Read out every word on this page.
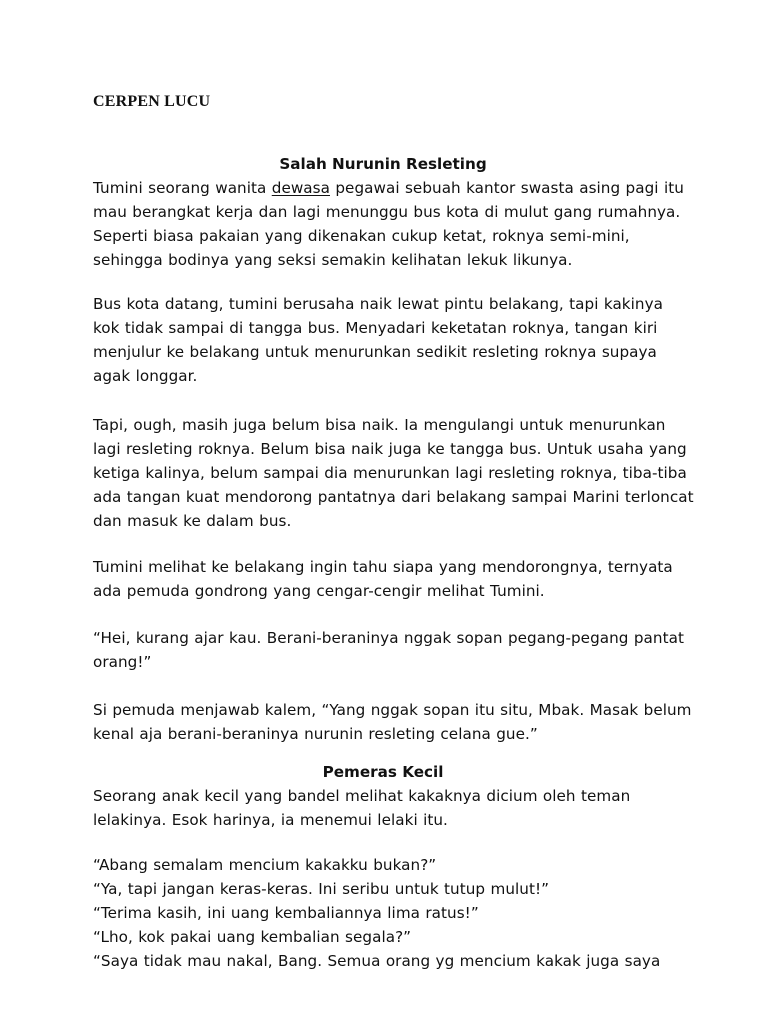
CERPEN LUCU
Salah Nurunin Resleting

Tumini seorang wanita dewasa pegawai sebuah kantor swasta asing pagi itu
mau berangkat kerja dan lagi menunggu bus kota di mulut gang rumahnya.
Seperti biasa pakaian yang dikenakan cukup ketat, roknya semi-mini,
sehingga bodinya yang seksi semakin kelihatan lekuk likunya.

Bus kota datang, tumini berusaha naik lewat pintu belakang, tapi kakinya
kok tidak sampai di tangga bus. Menyadari keketatan roknya, tangan kiri
menjulur ke belakang untuk menurunkan sedikit resleting roknya supaya
agak longgar.

Tapi, ough, masih juga belum bisa naik. Ia mengulangi untuk menurunkan
lagi resleting roknya. Belum bisa naik juga ke tangga bus. Untuk usaha yang
ketiga kalinya, belum sampai dia menurunkan lagi resleting roknya, tiba-tiba
ada tangan kuat mendorong pantatnya dari belakang sampai Marini terloncat
dan masuk ke dalam bus.

Tumini melihat ke belakang ingin tahu siapa yang mendorongnya, ternyata
ada pemuda gondrong yang cengar-cengir melihat Tumini.

“Hei, kurang ajar kau. Berani-beraninya nggak sopan pegang-pegang pantat
orang!”

Si pemuda menjawab kalem, “Yang nggak sopan itu situ, Mbak. Masak belum
kenal aja berani-beraninya nurunin resleting celana gue.”

Pemeras Kecil

Seorang anak kecil yang bandel melihat kakaknya dicium oleh teman
lelakinya. Esok harinya, ia menemui lelaki itu.

“Abang semalam mencium kakakku bukan?”
“Ya, tapi jangan keras-keras. Ini seribu untuk tutup mulut!”
“Terima kasih, ini uang kembaliannya lima ratus!”
“Lho, kok pakai uang kembalian segala?”
“Saya tidak mau nakal, Bang. Semua orang yg mencium kakak juga saya
